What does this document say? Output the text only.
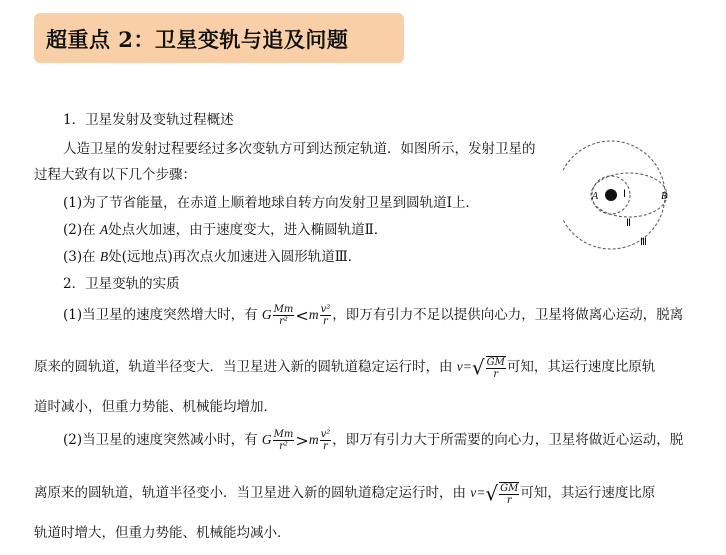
超重点 2：卫星变轨与追及问题
1．卫星发射及变轨过程概述
人造卫星的发射过程要经过多次变轨方可到达预定轨道．如图所示，发射卫星的
过程大致有以下几个步骤：
(1)为了节省能量，在赤道上顺着地球自转方向发射卫星到圆轨道Ⅰ上．
(2)在 A处点火加速，由于速度变大，进入椭圆轨道Ⅱ．
(3)在 B处(远地点)再次点火加速进入圆形轨道Ⅲ．
2．卫星变轨的实质
(1)当卫星的速度突然增大时，有 G $\frac{Mm}{\text{r²}} <m \frac{\text{v²}}{r}$ ，即万有引力不足以提供向心力，卫星将做离心运动，脱离
原来的圆轨道，轨道半径变大．当卫星进入新的圆轨道稳定运行时，由 $v=√ \frac{GM}{r}$ 可知，其运行速度比原轨
道时减小，但重力势能、机械能均增加．
(2)当卫星的速度突然减小时，有 G $\frac{Mm}{\text{r²}} >m \frac{\text{v²}}{r}$ ，即万有引力大于所需要的向心力，卫星将做近心运动，脱
离原来的圆轨道，轨道半径变小．当卫星进入新的圆轨道稳定运行时，由 $v=√ \frac{GM}{r}$ 可知，其运行速度比原
轨道时增大，但重力势能、机械能均减小．
A Ⅰ	B
Ⅱ
Ⅲ
